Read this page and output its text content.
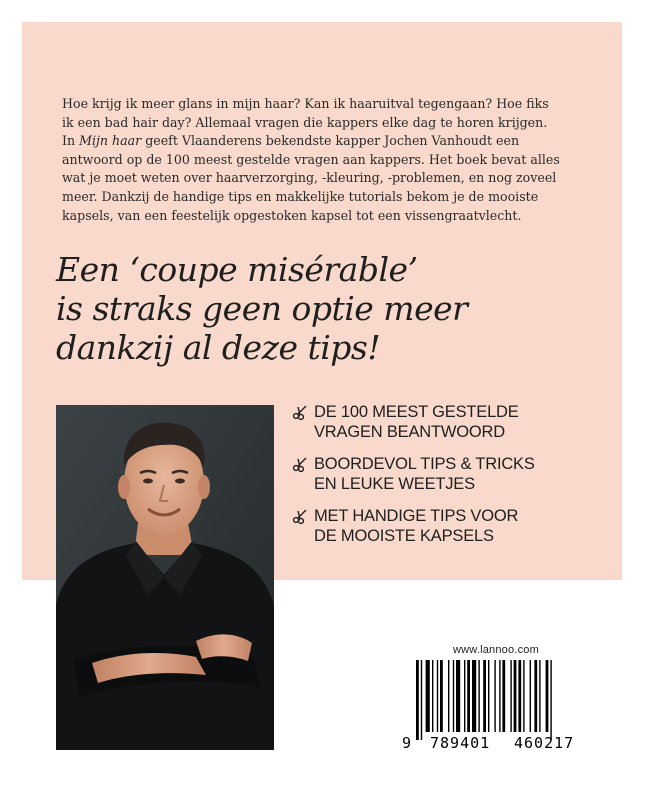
Hoe krijg ik meer glans in mijn haar? Kan ik haaruitval tegengaan? Hoe fiks ik een bad hair day? Allemaal vragen die kappers elke dag te horen krijgen. In Mijn haar geeft Vlaanderens bekendste kapper Jochen Vanhoudt een antwoord op de 100 meest gestelde vragen aan kappers. Het boek bevat alles wat je moet weten over haarverzorging, -kleuring, -problemen, en nog zoveel meer. Dankzij de handige tips en makkelijke tutorials bekom je de mooiste kapsels, van een feestelijk opgestoken kapsel tot een vissengraatvlecht.

Een ‘coupe misérable’
is straks geen optie meer
dankzij al deze tips!
DE 100 MEEST GESTELDE
VRAGEN BEANTWOORD
BOORDEVOL TIPS & TRICKS
EN LEUKE WEETJES
MET HANDIGE TIPS VOOR
DE MOOISTE KAPSELS
www.lannoo.com
9 789401 460217
